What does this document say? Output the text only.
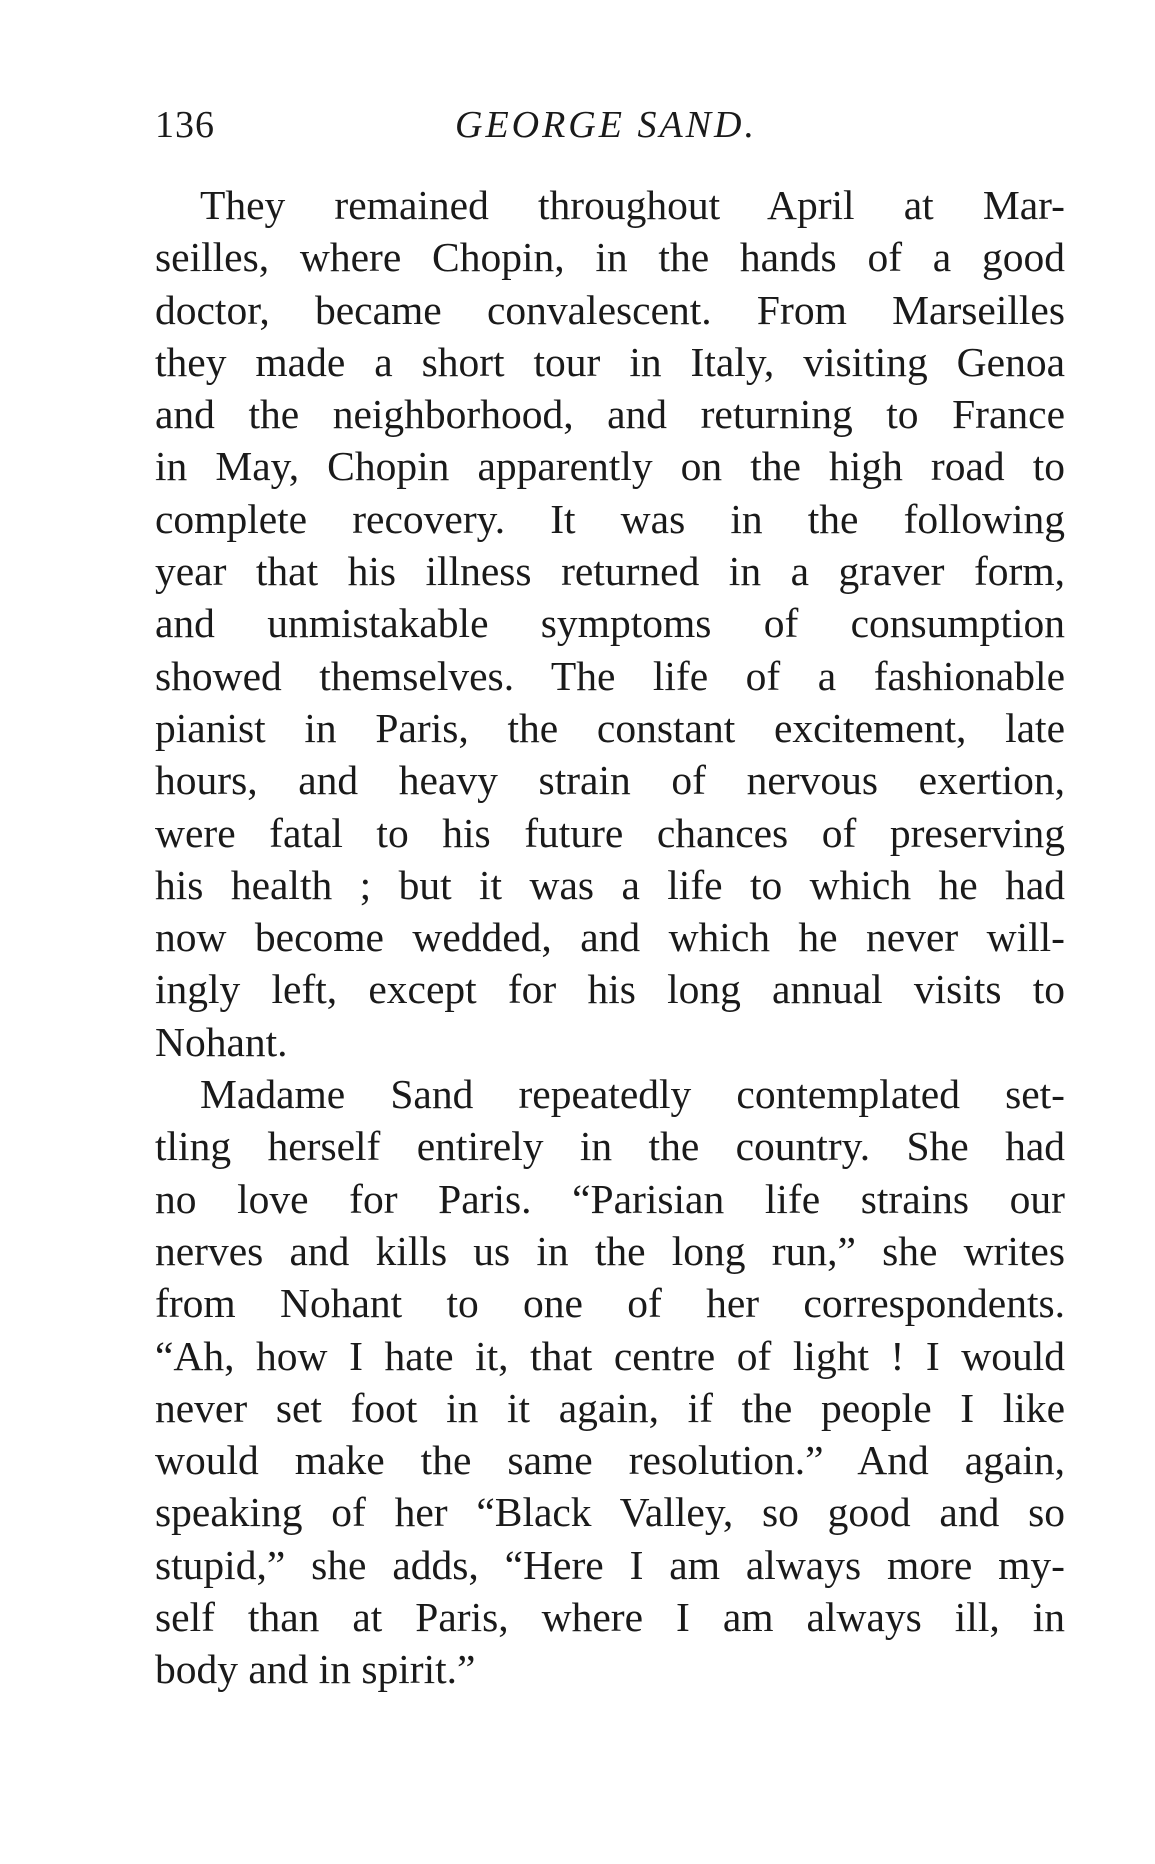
136	GEORGE SAND.

They remained throughout April at Mar-
seilles, where Chopin, in the hands of a good
doctor, became convalescent. From Marseilles
they made a short tour in Italy, visiting Genoa
and the neighborhood, and returning to France
in May, Chopin apparently on the high road to
complete recovery. It was in the following
year that his illness returned in a graver form,
and unmistakable symptoms of consumption
showed themselves. The life of a fashionable
pianist in Paris, the constant excitement, late
hours, and heavy strain of nervous exertion,
were fatal to his future chances of preserving
his health ; but it was a life to which he had
now become wedded, and which he never will-
ingly left, except for his long annual visits to
Nohant.

Madame Sand repeatedly contemplated set-
tling herself entirely in the country. She had
no love for Paris. “Parisian life strains our
nerves and kills us in the long run,” she writes
from Nohant to one of her correspondents.
“Ah, how I hate it, that centre of light ! I would
never set foot in it again, if the people I like
would make the same resolution.” And again,
speaking of her “Black Valley, so good and so
stupid,” she adds, “Here I am always more my-
self than at Paris, where I am always ill, in
body and in spirit.”
